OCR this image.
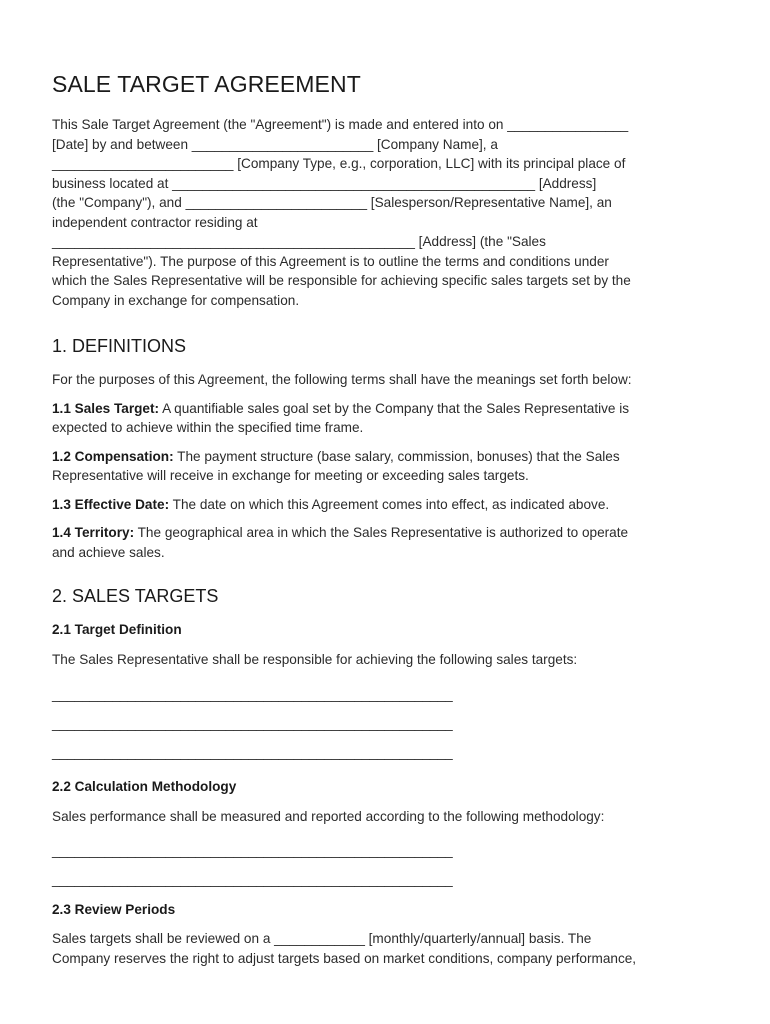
SALE TARGET AGREEMENT

This Sale Target Agreement (the "Agreement") is made and entered into on ________________

[Date] by and between ________________________ [Company Name], a

________________________ [Company Type, e.g., corporation, LLC] with its principal place of

business located at ________________________________________________ [Address]

(the "Company"), and ________________________ [Salesperson/Representative Name], an

independent contractor residing at

________________________________________________ [Address] (the "Sales

Representative"). The purpose of this Agreement is to outline the terms and conditions under

which the Sales Representative will be responsible for achieving specific sales targets set by the

Company in exchange for compensation.

1. DEFINITIONS

For the purposes of this Agreement, the following terms shall have the meanings set forth below:

1.1 Sales Target: A quantifiable sales goal set by the Company that the Sales Representative is

expected to achieve within the specified time frame.

1.2 Compensation: The payment structure (base salary, commission, bonuses) that the Sales

Representative will receive in exchange for meeting or exceeding sales targets.

1.3 Effective Date: The date on which this Agreement comes into effect, as indicated above.

1.4 Territory: The geographical area in which the Sales Representative is authorized to operate

and achieve sales.

2. SALES TARGETS
2.1 Target Definition

The Sales Representative shall be responsible for achieving the following sales targets:

_____________________________________________________
_____________________________________________________
_____________________________________________________
2.2 Calculation Methodology

Sales performance shall be measured and reported according to the following methodology:

_____________________________________________________
_____________________________________________________
2.3 Review Periods

Sales targets shall be reviewed on a ____________ [monthly/quarterly/annual] basis. The

Company reserves the right to adjust targets based on market conditions, company performance,
